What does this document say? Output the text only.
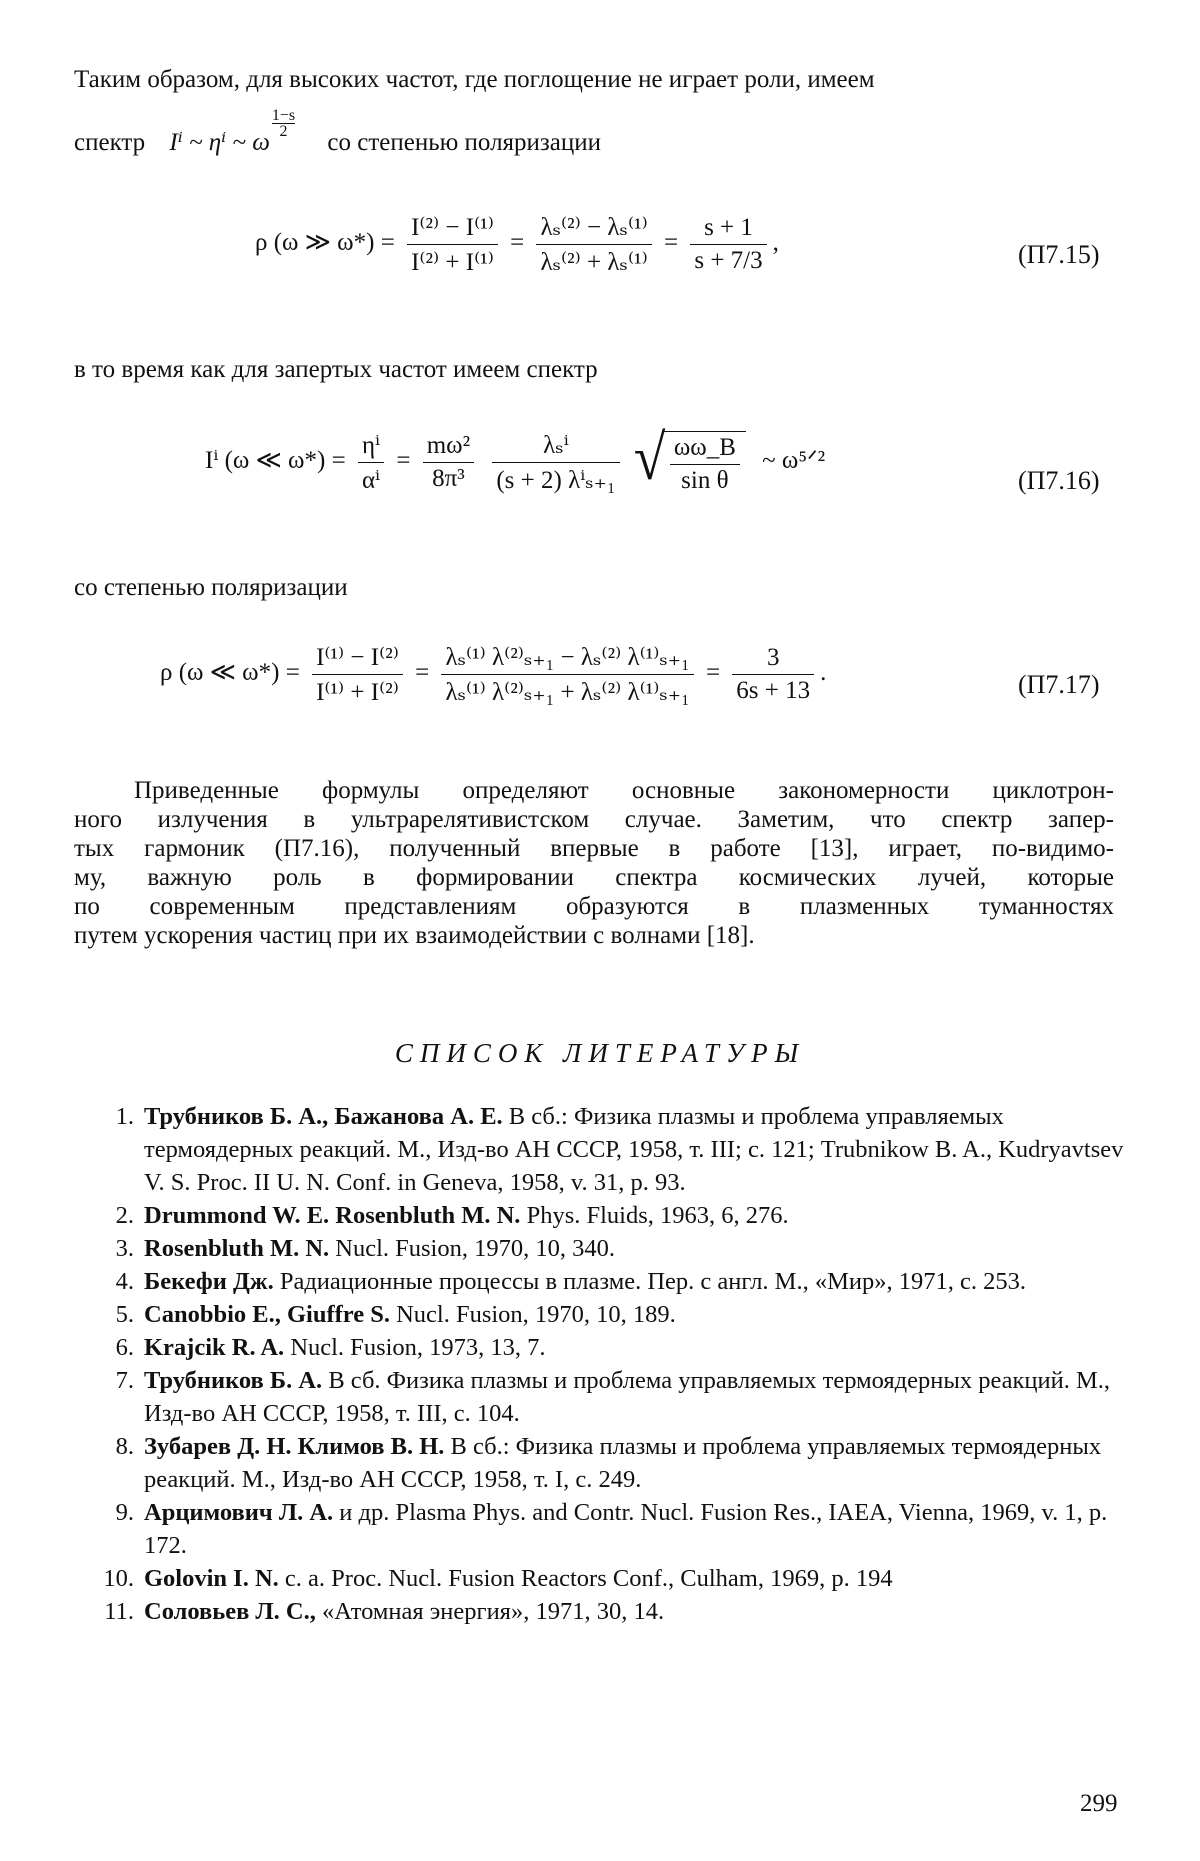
Таким образом, для высоких частот, где поглощение не играет роли, имеем
спектр Iⁱ ~ ηⁱ ~ ω
$\frac{1-s}{2}$
со степенью поляризации
ρ (ω ≫ $\omega*) = \frac{\text{I⁽²⁾ − I⁽¹⁾}}{\text{I⁽²⁾ + I⁽¹⁾}} = \frac{\text{λₛ⁽²⁾ − λₛ⁽¹⁾}}{\text{λₛ⁽²⁾ + λₛ⁽¹⁾}} = \frac{s + 1}{s + 7/3}$ ,	(П7.15)
в то время как для запертых частот имеем спектр
Iⁱ (ω ≪ $\omega*) = \frac{\text{ηⁱ}}{\text{αⁱ}} = \frac{\text{mω²}}{\text{8π³}}$
$\frac{\text{λₛⁱ}}{\text{(s + 2) λⁱₛ₊₁}}$
√ $\frac{\omega\omega\_B}{\text{sin θ}}$ ~ ω⁵ᐟ²
(П7.16)
со степенью поляризации
ρ (ω ≪ $\omega*) = \frac{\text{I⁽¹⁾ − I⁽²⁾}}{\text{I⁽¹⁾ + I⁽²⁾}} = \frac{\text{λₛ⁽¹⁾ λ⁽²⁾ₛ₊₁ − λₛ⁽²⁾ λ⁽¹⁾ₛ₊₁}}{\text{λₛ⁽¹⁾ λ⁽²⁾ₛ₊₁ + λₛ⁽²⁾ λ⁽¹⁾ₛ₊₁}} = \frac{3}{6s + 13}$ .	(П7.17)
Приведенные формулы определяют основные закономерности циклотрон-
ного излучения в ультрарелятивистском случае. Заметим, что спектр запер-
тых гармоник (П7.16), полученный впервые в работе [13], играет, по-видимо-
му, важную роль в формировании спектра космических лучей, которые
по современным представлениям образуются в плазменных туманностях
путем ускорения частиц при их взаимодействии с волнами [18].
СПИСОК ЛИТЕРАТУРЫ
1. Трубников Б. А., Бажанова А. Е. В сб.: Физика плазмы и проблема управляемых термоядерных реакций. М., Изд-во АН СССР, 1958, т. III; с. 121; Trubnikow B. A., Kudryavtsev V. S. Proc. II U. N. Conf. in Geneva, 1958, v. 31, p. 93.
2. Drummond W. E. Rosenbluth M. N. Phys. Fluids, 1963, 6, 276.
3. Rosenbluth M. N. Nucl. Fusion, 1970, 10, 340.
4. Бекефи Дж. Радиационные процессы в плазме. Пер. с англ. М., «Мир», 1971, с. 253.
5. Canobbio E., Giuffre S. Nucl. Fusion, 1970, 10, 189.
6. Krajcik R. A. Nucl. Fusion, 1973, 13, 7.
7. Трубников Б. А. В сб. Физика плазмы и проблема управляемых термоядерных реакций. М., Изд-во АН СССР, 1958, т. III, с. 104.
8. Зубарев Д. Н. Климов В. Н. В сб.: Физика плазмы и проблема управляемых термоядерных реакций. М., Изд-во АН СССР, 1958, т. I, с. 249.
9. Арцимович Л. А. и др. Plasma Phys. and Contr. Nucl. Fusion Res., IAEA, Vienna, 1969, v. 1, p. 172.
10. Golovin I. N. c. a. Proc. Nucl. Fusion Reactors Conf., Culham, 1969, p. 194
11. Соловьев Л. С., «Атомная энергия», 1971, 30, 14.
299
